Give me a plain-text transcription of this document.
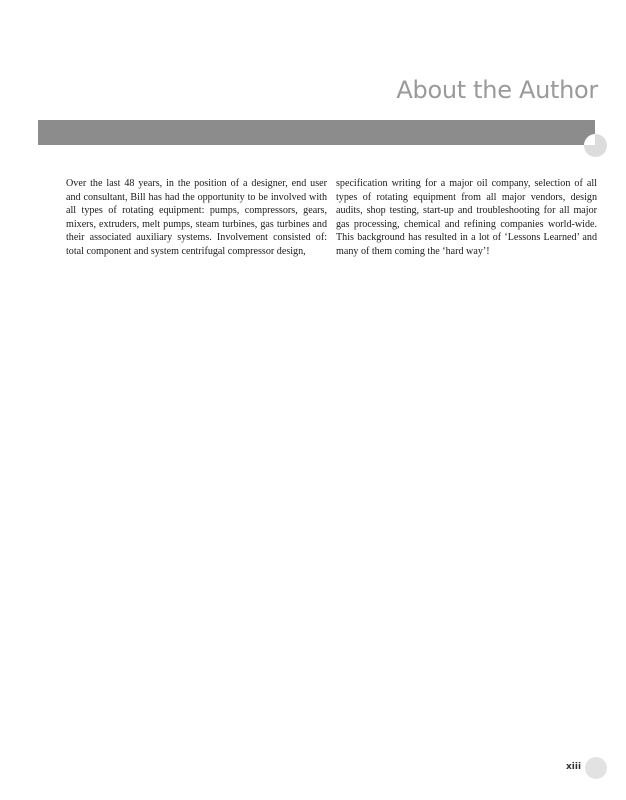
About the Author

Over the last 48 years, in the position of a designer, end user and consultant, Bill has had the opportunity to be involved with all types of rotating equipment: pumps, compressors, gears, mixers, extruders, melt pumps, steam turbines, gas turbines and their associated auxiliary systems. Involvement consisted of: total component and system centrifugal compressor design,

specification writing for a major oil company, selection of all types of rotating equipment from all major vendors, design audits, shop testing, start-up and troubleshooting for all major gas processing, chemical and refining companies world-wide. This background has resulted in a lot of ‘Lessons Learned’ and many of them coming the ‘hard way’!

xiii
